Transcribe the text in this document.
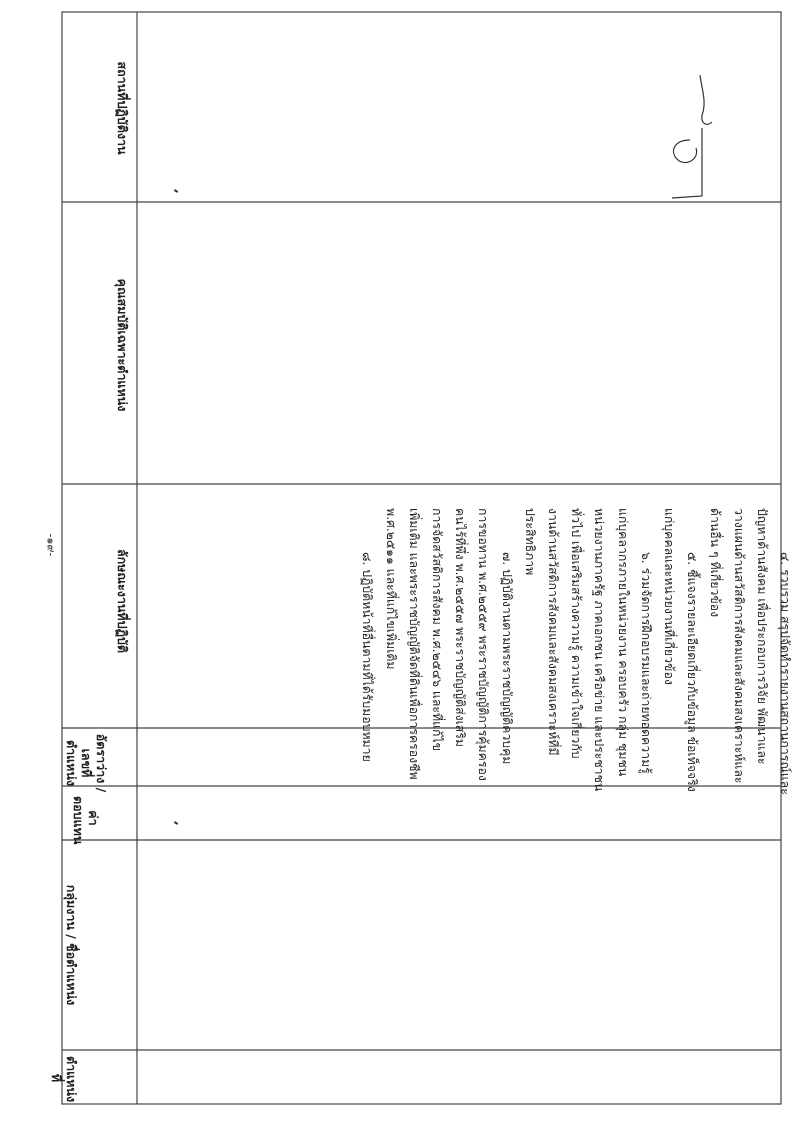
-๑๙-
ตำแหน่งที่
กลุ่มงาน / ชื่อตำแหน่ง
ค่าตอบแทน
อัตราว่าง / เลขที่ตำแหน่ง
ลักษณะงานที่ปฏิบัติ
คุณสมบัติเฉพาะตำแหน่ง
สถานที่ปฏิบัติงาน
๔. รวบรวม สรุปจัดทำรายงานสถานการณ์และ
ปัญหาด้านสังคม เพื่อประกอบการวิจัย พัฒนาและ
วางแผนด้านสวัสดิการสังคมและสังคมสงเคราะห์และ
ด้านอื่น ๆ ที่เกี่ยวข้อง
๕. ชี้แจงรายละเอียดเกี่ยวกับข้อมูล ข้อเท็จจริง
แก่บุคคลและหน่วยงานที่เกี่ยวข้อง
๖. ร่วมจัดการฝึกอบรมและถ่ายทอดความรู้
แก่บุคลากรภายในหน่วยงาน ครอบครัว กลุ่ม ชุมชน
หน่วยงานภาครัฐ ภาคเอกชน เครือข่าย และประชาชน
ทั่วไป เพื่อเสริมสร้างความรู้ ความเข้าใจเกี่ยวกับ
งานด้านสวัสดิการสังคมและสังคมสงเคราะห์ที่มี
ประสิทธิภาพ
๗. ปฏิบัติงานตามพระราชบัญญัติควบคุม
การขอทาน พ.ศ.๒๕๕๙ พระราชบัญญัติการคุ้มครอง
คนไร้ที่พึ่ง พ.ศ.๒๕๕๗ พระราชบัญญัติส่งเสริม
การจัดสวัสดิการสังคม พ.ศ.๒๕๔๖ และที่แก้ไข
เพิ่มเติม และพระราชบัญญัติจัดที่ดินเพื่อการครองชีพ
พ.ศ.๒๕๑๑ และที่แก้ไขเพิ่มเติม
๘. ปฏิบัติหน้าที่อื่นตามที่ได้รับมอบหมาย
